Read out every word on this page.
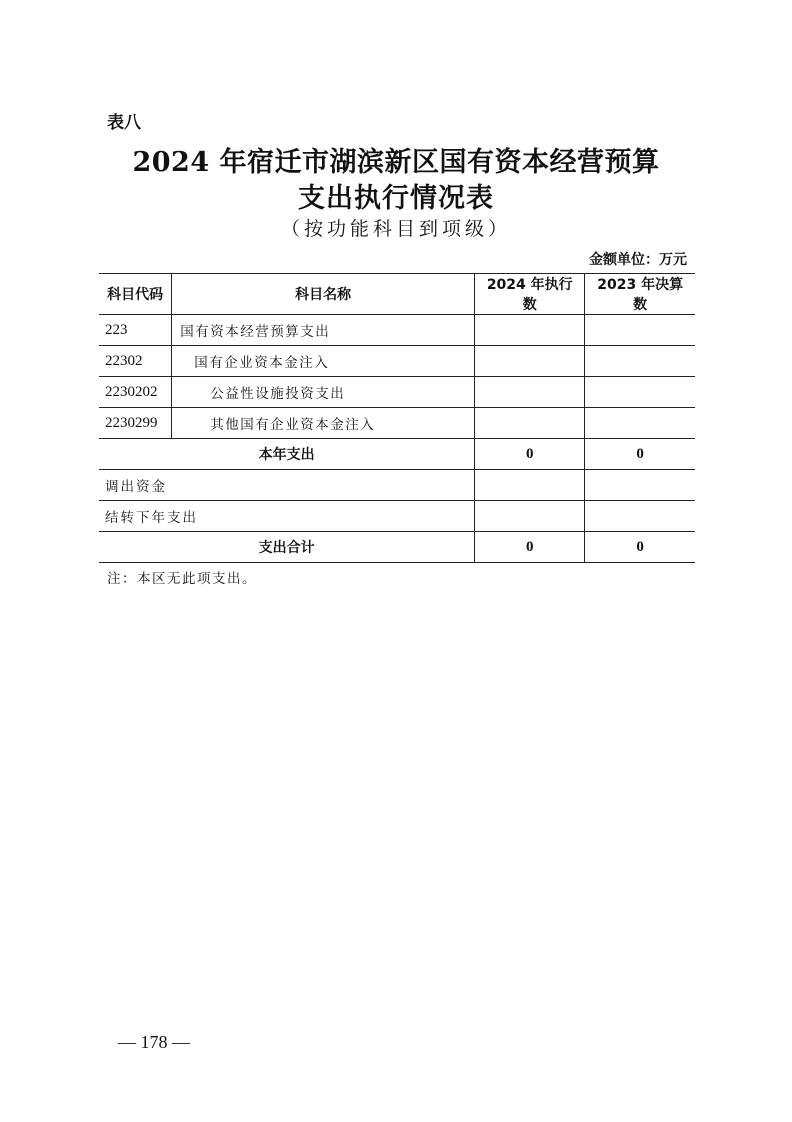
表八
2024 年宿迁市湖滨新区国有资本经营预算
支出执行情况表
（按功能科目到项级）
金额单位：万元
科目代码	科目名称	2024 年执行数	2023 年决算数
223	国有资本经营预算支出		
22302	国有企业资本金注入		
2230202	公益性设施投资支出		
2230299	其他国有企业资本金注入		
本年支出		0	0
调出资金			
结转下年支出			
支出合计		0	0
注：本区无此项支出。
— 178 —
